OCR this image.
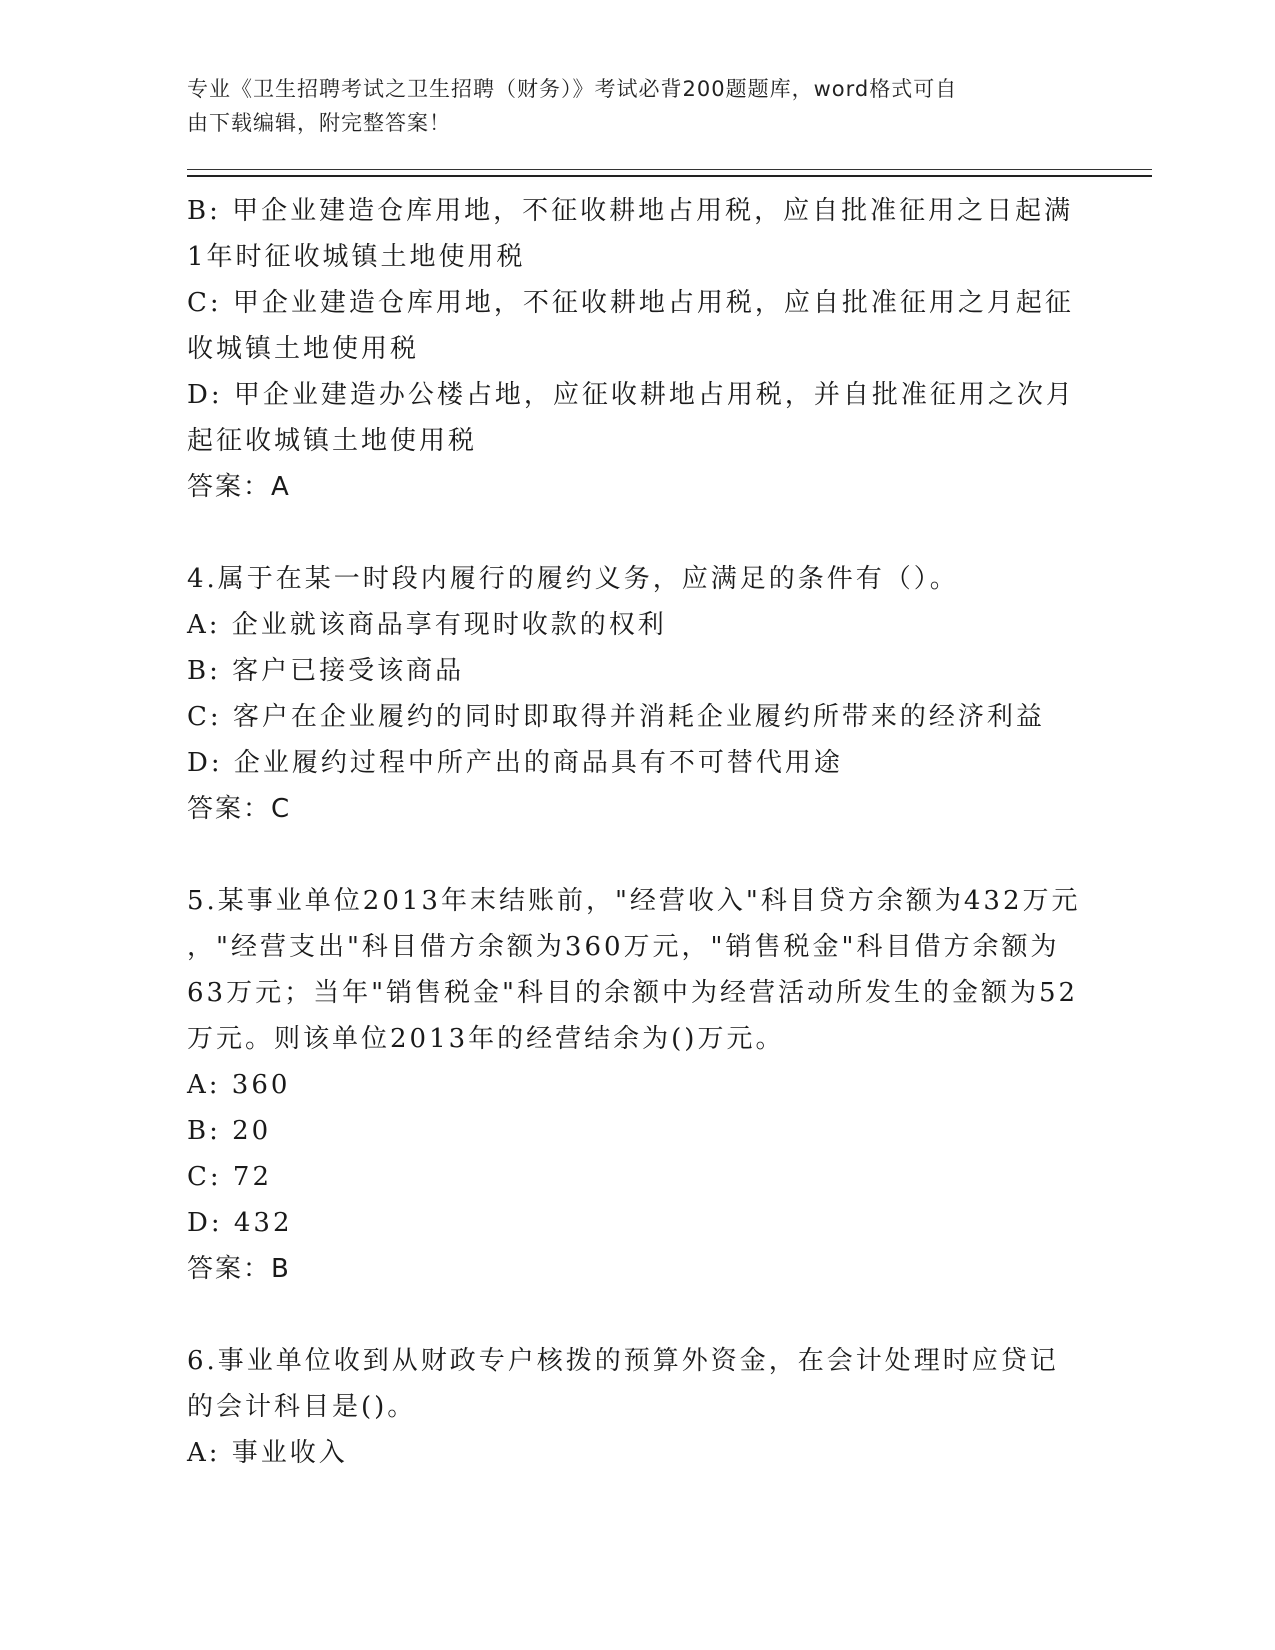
专业《卫生招聘考试之卫生招聘（财务）》考试必背200题题库，word格式可自
由下载编辑，附完整答案！
B: 甲企业建造仓库用地，不征收耕地占用税，应自批准征用之日起满
1年时征收城镇土地使用税
C: 甲企业建造仓库用地，不征收耕地占用税，应自批准征用之月起征
收城镇土地使用税
D: 甲企业建造办公楼占地，应征收耕地占用税，并自批准征用之次月
起征收城镇土地使用税
答案：A
4.属于在某一时段内履行的履约义务，应满足的条件有（）。
A: 企业就该商品享有现时收款的权利
B: 客户已接受该商品
C: 客户在企业履约的同时即取得并消耗企业履约所带来的经济利益
D: 企业履约过程中所产出的商品具有不可替代用途
答案：C
5.某事业单位2013年末结账前，"经营收入"科目贷方余额为432万元
，"经营支出"科目借方余额为360万元，"销售税金"科目借方余额为
63万元；当年"销售税金"科目的余额中为经营活动所发生的金额为52
万元。则该单位2013年的经营结余为()万元。
A: 360
B: 20
C: 72
D: 432
答案：B
6.事业单位收到从财政专户核拨的预算外资金，在会计处理时应贷记
的会计科目是()。
A: 事业收入
